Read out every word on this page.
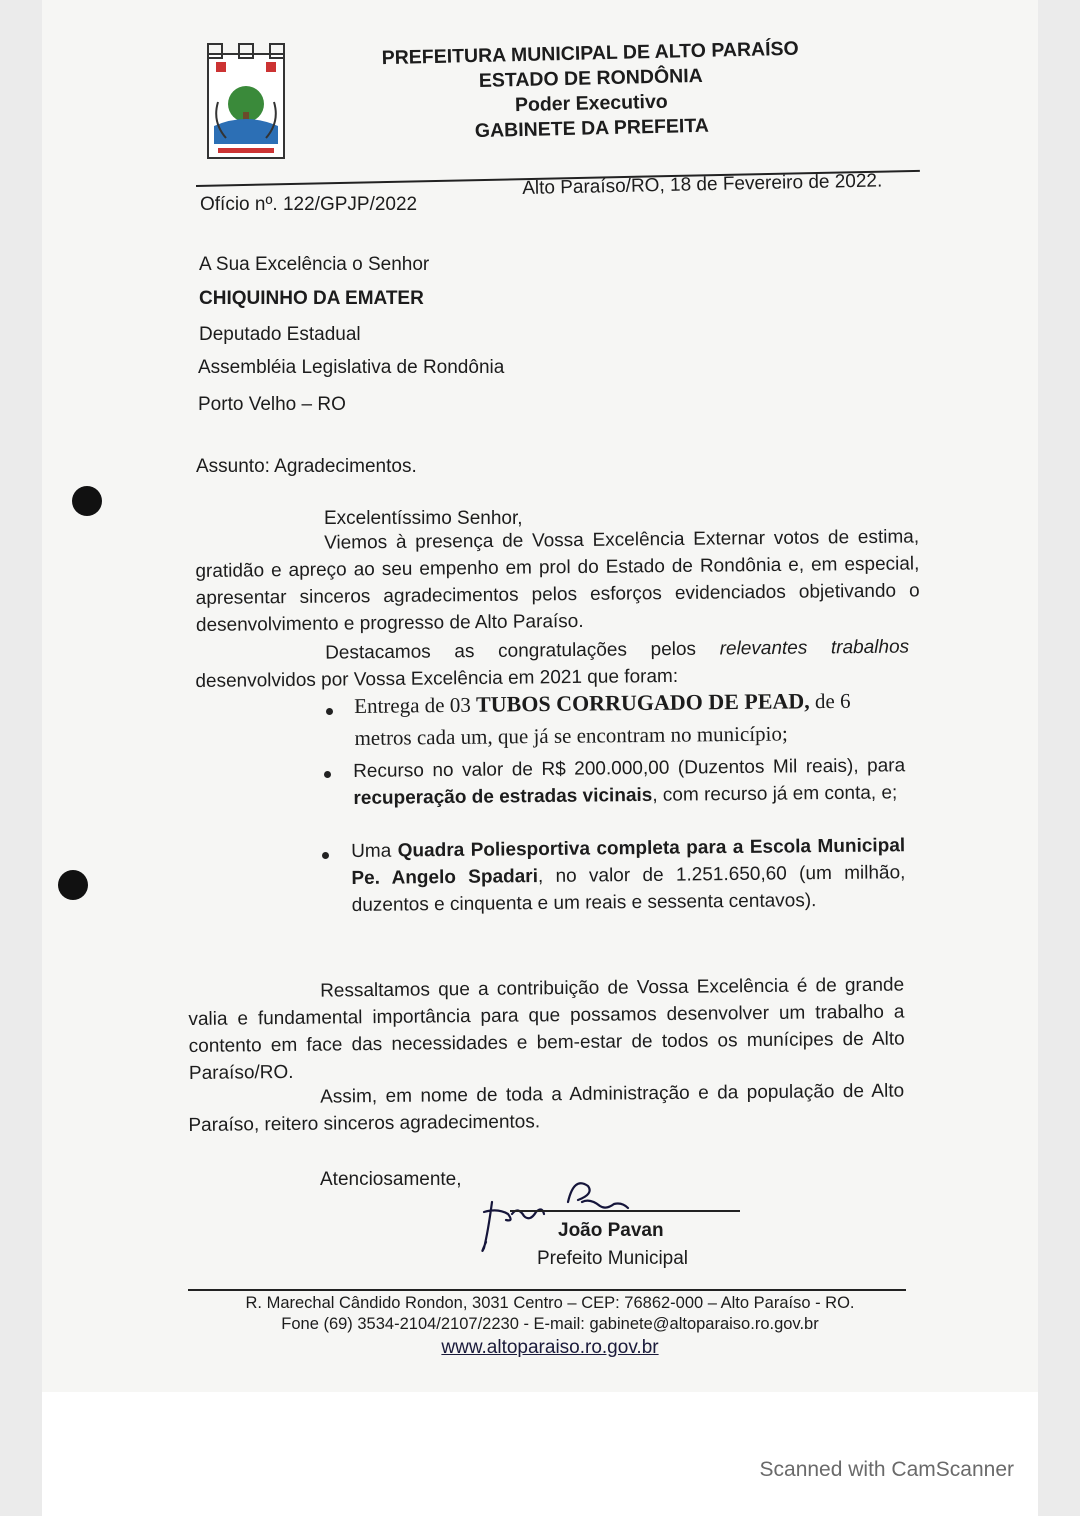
PREFEITURA MUNICIPAL DE ALTO PARAÍSO
ESTADO DE RONDÔNIA
Poder Executivo
GABINETE DA PREFEITA
Ofício nº. 122/GPJP/2022
Alto Paraíso/RO, 18 de Fevereiro de 2022.
A Sua Excelência o Senhor
CHIQUINHO DA EMATER
Deputado Estadual
Assembléia Legislativa de Rondônia
Porto Velho – RO
Assunto: Agradecimentos.
Excelentíssimo Senhor,
Viemos à presença de Vossa Excelência Externar votos de estima, gratidão e apreço ao seu empenho em prol do Estado de Rondônia e, em especial, apresentar sinceros agradecimentos pelos esforços evidenciados objetivando o desenvolvimento e progresso de Alto Paraíso.
Destacamos as congratulações pelos relevantes trabalhos desenvolvidos por Vossa Excelência em 2021 que foram:
Entrega de 03 TUBOS CORRUGADO DE PEAD, de 6 metros cada um, que já se encontram no município;
Recurso no valor de R$ 200.000,00 (Duzentos Mil reais), para recuperação de estradas vicinais, com recurso já em conta, e;
Uma Quadra Poliesportiva completa para a Escola Municipal Pe. Angelo Spadari, no valor de 1.251.650,60 (um milhão, duzentos e cinquenta e um reais e sessenta centavos).
Ressaltamos que a contribuição de Vossa Excelência é de grande valia e fundamental importância para que possamos desenvolver um trabalho a contento em face das necessidades e bem-estar de todos os munícipes de Alto Paraíso/RO.
Assim, em nome de toda a Administração e da população de Alto Paraíso, reitero sinceros agradecimentos.
Atenciosamente,
João Pavan
Prefeito Municipal
R. Marechal Cândido Rondon, 3031 Centro – CEP: 76862-000 – Alto Paraíso - RO.
Fone (69) 3534-2104/2107/2230 - E-mail: gabinete@altoparaiso.ro.gov.br
www.altoparaiso.ro.gov.br
Scanned with CamScanner
